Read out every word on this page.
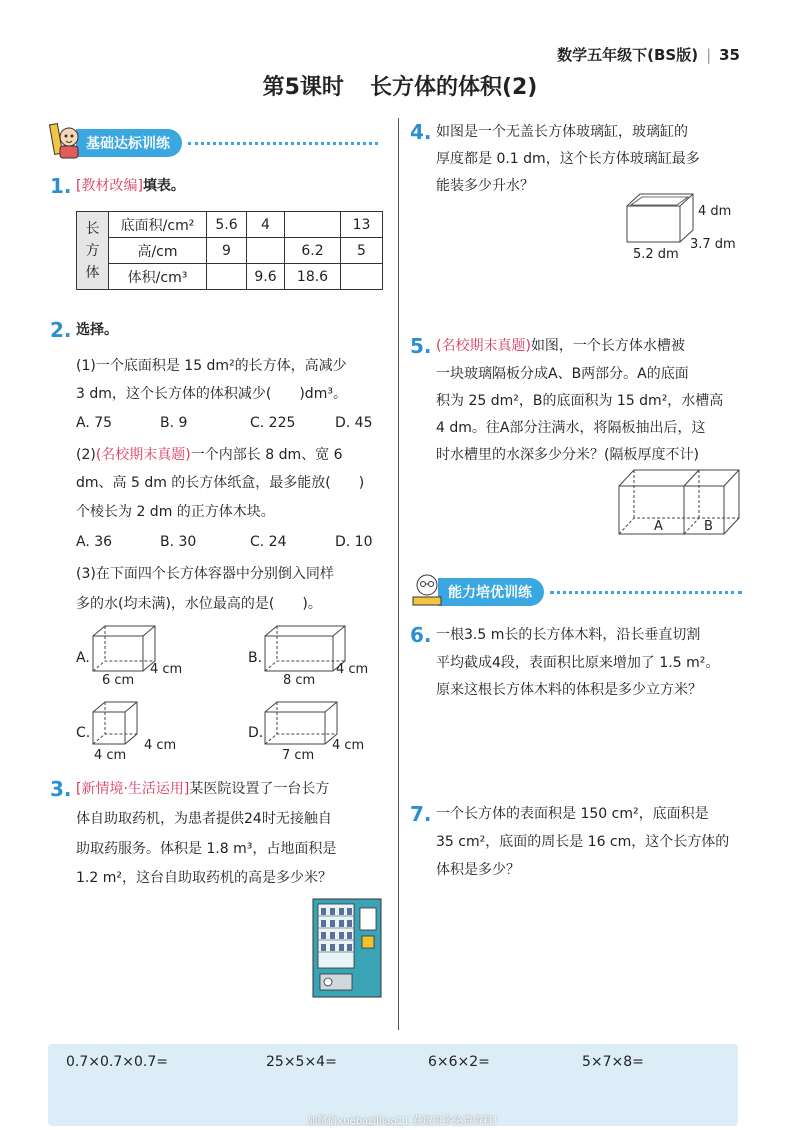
数学五年级下(BS版) | 35
第5课时 长方体的体积(2)
基础达标训练
1. [教材改编]填表。
长
方
体	底面积/cm²	5.6	4		13
	高/cm	9		6.2	5
	体积/cm³		9.6	18.6	
2. 选择。
(1)一个底面积是 15 dm²的长方体，高减少
3 dm，这个长方体的体积减少(　　)dm³。
A. 75	B. 9	C. 225	D. 45
(2)(名校期末真题)一个内部长 8 dm、宽 6
dm、高 5 dm 的长方体纸盒，最多能放(　　)
个棱长为 2 dm 的正方体木块。
A. 36	B. 30	C. 24	D. 10
(3)在下面四个长方体容器中分别倒入同样
多的水(均未满)，水位最高的是(　　)。
A.
4 cm
6 cm
B.
4 cm
8 cm
C.
4 cm
4 cm
D.
4 cm
7 cm
3. [新情境·生活运用]某医院设置了一台长方
体自助取药机，为患者提供24时无接触自
助取药服务。体积是 1.8 m³，占地面积是
1.2 m²，这台自助取药机的高是多少米？
4. 如图是一个无盖长方体玻璃缸，玻璃缸的
厚度都是 0.1 dm，这个长方体玻璃缸最多
能装多少升水？
4 dm
3.7 dm
5.2 dm
5. (名校期末真题)如图，一个长方体水槽被
一块玻璃隔板分成A、B两部分。A的底面
积为 25 dm²，B的底面积为 15 dm²，水槽高
4 dm。往A部分注满水，将隔板抽出后，这
时水槽里的水深多少分米？(隔板厚度不计)
A	B
能力培优训练
6. 一根3.5 m长的长方体木料，沿长垂直切割
平均截成4段，表面积比原来增加了 1.5 m²。
原来这根长方体木料的体积是多少立方米？
7. 一个长方体的表面积是 150 cm²，底面积是
35 cm²，底面的周长是 16 cm，这个长方体的
体积是多少？
0.7×0.7×0.7=	25×5×4=	6×6×2=	5×7×8=
加微信xuebazilliao11 获取更多免费资料！
